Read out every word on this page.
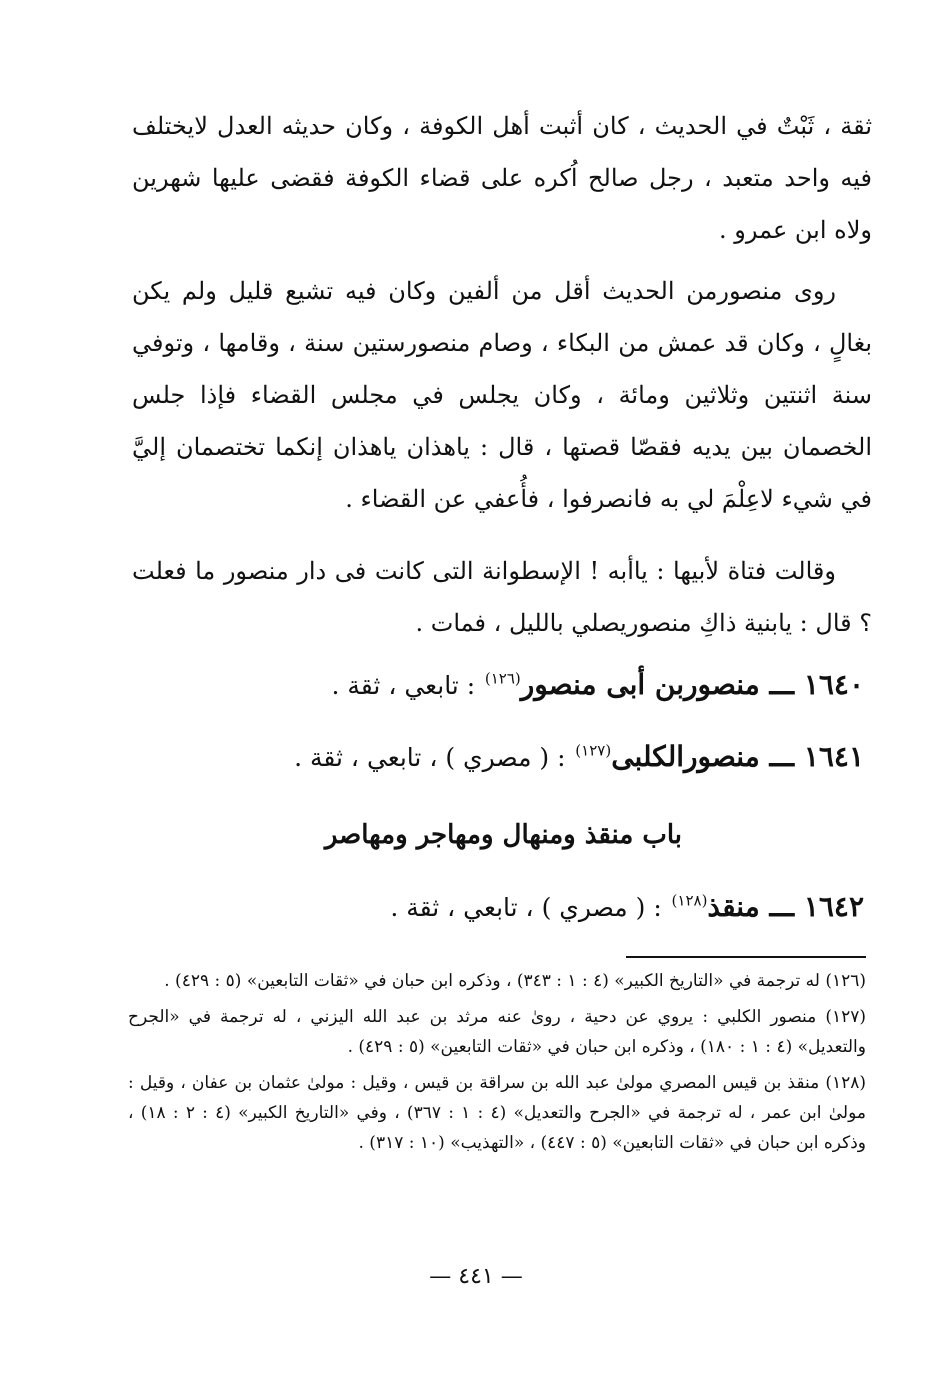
ثقة ، ثَبْتٌ في الحديث ، كان أثبت أهل الكوفة ، وكان حديثه العدل لايختلف فيه واحد متعبد ، رجل صالح اُكره على قضاء الكوفة فقضى عليها شهرين ولاه ابن عمرو .

روى منصورمن الحديث أقل من ألفين وكان فيه تشيع قليل ولم يكن بغالٍ ، وكان قد عمش من البكاء ، وصام منصورستين سنة ، وقامها ، وتوفي سنة اثنتين وثلاثين ومائة ، وكان يجلس في مجلس القضاء فإذا جلس الخصمان بين يديه فقصّا قصتها ، قال : ياهذان ياهذان إنكما تختصمان إليَّ في شيء لاعِلْمَ لي به فانصرفوا ، فأُعفي عن القضاء .

وقالت فتاة لأبيها : ياأبه ! الإسطوانة التى كانت فى دار منصور ما فعلت ؟ قال : يابنية ذاكِ منصوريصلي بالليل ، فمات .

١٦٤٠ ـــ منصوربن أبى منصور$^{(١٢٦)}$ : تابعي ، ثقة .

١٦٤١ ـــ منصورالكلبى$^{(١٢٧)}$ : ( مصري ) ، تابعي ، ثقة .

باب منقذ ومنهال ومهاجر ومهاصر

١٦٤٢ ـــ منقذ$^{(١٢٨)}$ : ( مصري ) ، تابعي ، ثقة .

(١٢٦) له ترجمة في «التاريخ الكبير» (٤ : ١ : ٣٤٣) ، وذكره ابن حبان في «ثقات التابعين» (٥ : ٤٢٩) .

(١٢٧) منصور الكلبي : يروي عن دحية ، روىٰ عنه مرثد بن عبد الله اليزني ، له ترجمة في «الجرح والتعديل» (٤ : ١ : ١٨٠) ، وذكره ابن حبان في «ثقات التابعين» (٥ : ٤٢٩) .

(١٢٨) منقذ بن قيس المصري مولىٰ عبد الله بن سراقة بن قيس ، وقيل : مولىٰ عثمان بن عفان ، وقيل : مولىٰ ابن عمر ، له ترجمة في «الجرح والتعديل» (٤ : ١ : ٣٦٧) ، وفي «التاريخ الكبير» (٤ : ٢ : ١٨) ، وذكره ابن حبان في «ثقات التابعين» (٥ : ٤٤٧) ، «التهذيب» (١٠ : ٣١٧) .

— ٤٤١ —
